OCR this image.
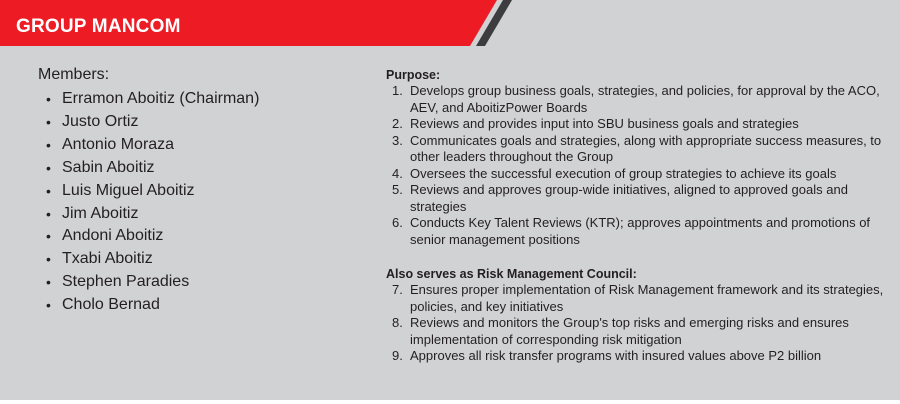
GROUP MANCOM

Members:

• Erramon Aboitiz (Chairman)
• Justo Ortiz
• Antonio Moraza
• Sabin Aboitiz
• Luis Miguel Aboitiz
• Jim Aboitiz
• Andoni Aboitiz
• Txabi Aboitiz
• Stephen Paradies
• Cholo Bernad

Purpose:

1. Develops group business goals, strategies, and policies, for approval by the ACO, AEV, and AboitizPower Boards
2. Reviews and provides input into SBU business goals and strategies
3. Communicates goals and strategies, along with appropriate success measures, to other leaders throughout the Group
4. Oversees the successful execution of group strategies to achieve its goals
5. Reviews and approves group-wide initiatives, aligned to approved goals and strategies
6. Conducts Key Talent Reviews (KTR); approves appointments and promotions of senior management positions

Also serves as Risk Management Council:

7. Ensures proper implementation of Risk Management framework and its strategies, policies, and key initiatives
8. Reviews and monitors the Group's top risks and emerging risks and ensures implementation of corresponding risk mitigation
9. Approves all risk transfer programs with insured values above P2 billion
